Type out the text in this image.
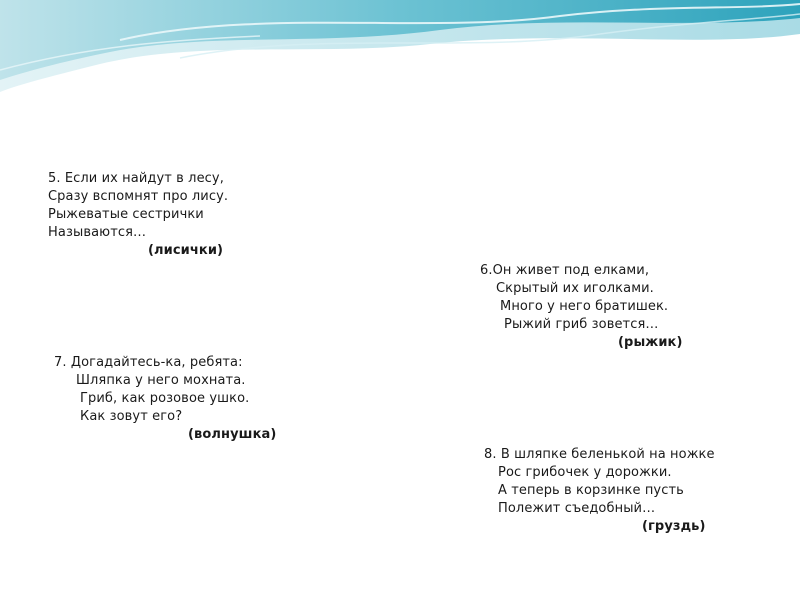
5. Если их найдут в лесу,
Сразу вспомнят про лису.
Рыжеватые сестрички
Называются…
(лисички)
6.Он живет под елками,
Скрытый их иголками.
Много у него братишек.
Рыжий гриб зовется…
(рыжик)
7. Догадайтесь-ка, ребята:
Шляпка у него мохната.
Гриб, как розовое ушко.
Как зовут его?
(волнушка)
8. В шляпке беленькой на ножке
Рос грибочек у дорожки.
А теперь в корзинке пусть
Полежит съедобный…
(груздь)
